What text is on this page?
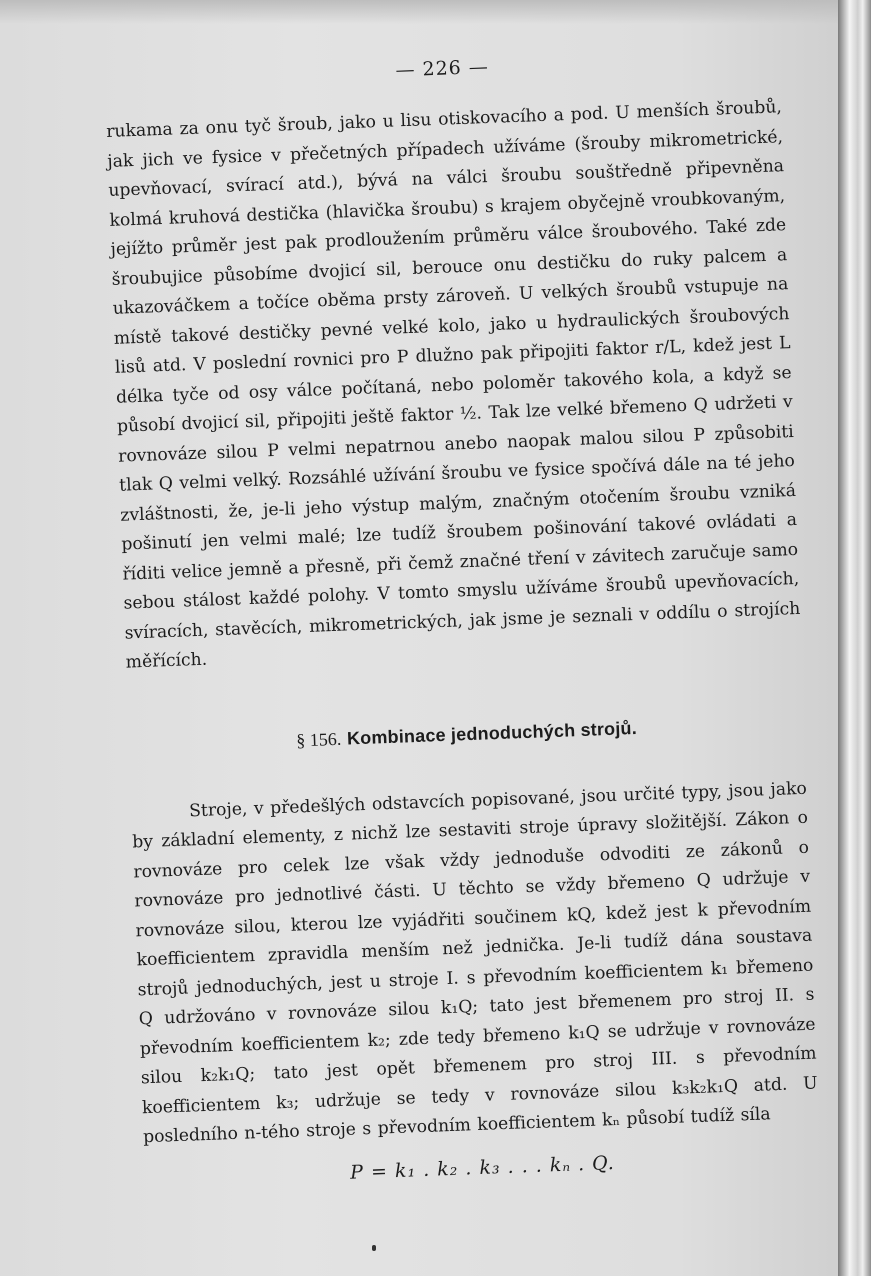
— 226 —

rukama za onu tyč šroub, jako u lisu otiskovacího a pod. U menších šroubů, jak jich ve fysice v přečetných případech užíváme (šrouby mikrometrické, upevňovací, svírací atd.), bývá na válci šroubu souštředně připevněna kolmá kruhová destička (hlavička šroubu) s krajem obyčejně vroubkovaným, jejížto průměr jest pak prodloužením průměru válce šroubového. Také zde šroubujice působíme dvojicí sil, berouce onu destičku do ruky palcem a ukazováčkem a točíce oběma prsty zároveň. U velkých šroubů vstupuje na místě takové destičky pevné velké kolo, jako u hydraulických šroubových lisů atd. V poslední rovnici pro P dlužno pak připojiti faktor r/L, kdež jest L délka tyče od osy válce počítaná, nebo poloměr takového kola, a když se působí dvojicí sil, připojiti ještě faktor ½. Tak lze velké břemeno Q udržeti v rovnováze silou P velmi nepatrnou anebo naopak malou silou P způsobiti tlak Q velmi velký. Rozsáhlé užívání šroubu ve fysice spočívá dále na té jeho zvláštnosti, že, je-li jeho výstup malým, značným otočením šroubu vzniká pošinutí jen velmi malé; lze tudíž šroubem pošinování takové ovládati a říditi velice jemně a přesně, při čemž značné tření v závitech zaručuje samo sebou stálost každé polohy. V tomto smyslu užíváme šroubů upevňovacích, svíracích, stavěcích, mikrometrických, jak jsme je seznali v oddílu o strojích měřících.

§ 156. Kombinace jednoduchých strojů.

Stroje, v předešlých odstavcích popisované, jsou určité typy, jsou jako by základní elementy, z nichž lze sestaviti stroje úpravy složitější. Zákon o rovnováze pro celek lze však vždy jednoduše odvoditi ze zákonů o rovnováze pro jednotlivé části. U těchto se vždy břemeno Q udržuje v rovnováze silou, kterou lze vyjádřiti součinem kQ, kdež jest k převodním koefficientem zpravidla menším než jednička. Je-li tudíž dána soustava strojů jednoduchých, jest u stroje I. s převodním koefficientem k₁ břemeno Q udržováno v rovnováze silou k₁Q; tato jest břemenem pro stroj II. s převodním koefficientem k₂; zde tedy břemeno k₁Q se udržuje v rovnováze silou k₂k₁Q; tato jest opět břemenem pro stroj III. s převodním koefficientem k₃; udržuje se tedy v rovnováze silou k₃k₂k₁Q atd. U posledního n-tého stroje s převodním koefficientem kₙ působí tudíž síla

P = k₁ . k₂ . k₃ . . . kₙ . Q.
